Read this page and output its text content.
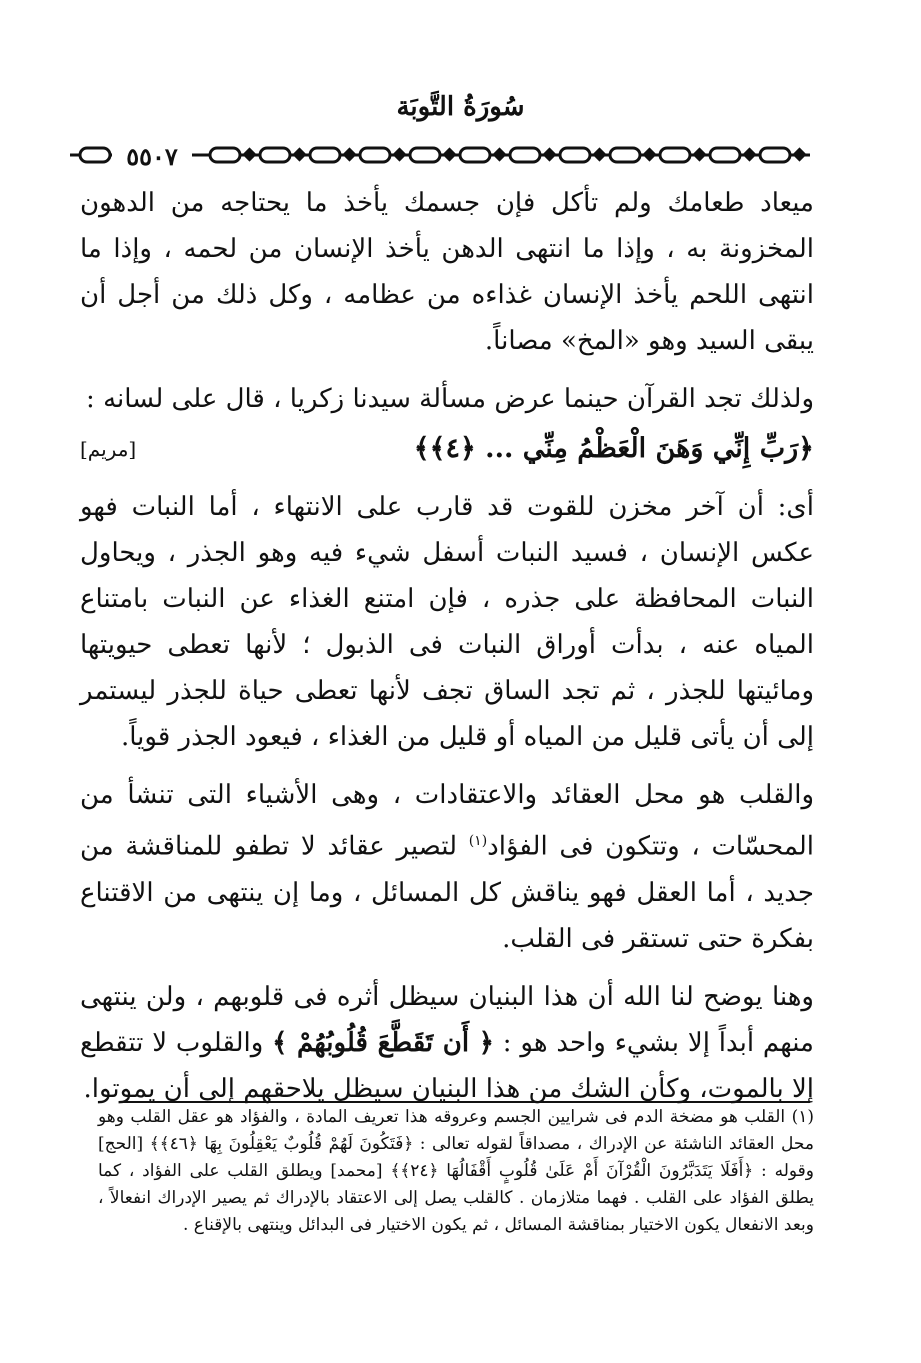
سُورَةُ التَّوبَة
٥٥٠٧

ميعاد طعامك ولم تأكل فإن جسمك يأخذ ما يحتاجه من الدهون المخزونة به ، وإذا ما انتهى الدهن يأخذ الإنسان من لحمه ، وإذا ما انتهى اللحم يأخذ الإنسان غذاءه من عظامه ، وكل ذلك من أجل أن يبقى السيد وهو «المخ» مصاناً.

ولذلك تجد القرآن حينما عرض مسألة سيدنا زكريا ، قال على لسانه :

﴿رَبِّ إِنِّي وَهَنَ الْعَظْمُ مِنِّي ... ﴿٤﴾﴾
[مريم]

أى: أن آخر مخزن للقوت قد قارب على الانتهاء ، أما النبات فهو عكس الإنسان ، فسيد النبات أسفل شيء فيه وهو الجذر ، ويحاول النبات المحافظة على جذره ، فإن امتنع الغذاء عن النبات بامتناع المياه عنه ، بدأت أوراق النبات فى الذبول ؛ لأنها تعطى حيويتها ومائيتها للجذر ، ثم تجد الساق تجف لأنها تعطى حياة للجذر ليستمر إلى أن يأتى قليل من المياه أو قليل من الغذاء ، فيعود الجذر قوياً.

والقلب هو محل العقائد والاعتقادات ، وهى الأشياء التى تنشأ من المحسّات ، وتتكون فى الفؤاد$^{(١)}$ لتصير عقائد لا تطفو للمناقشة من جديد ، أما العقل فهو يناقش كل المسائل ، وما إن ينتهى من الاقتناع بفكرة حتى تستقر فى القلب.

وهنا يوضح لنا الله أن هذا البنيان سيظل أثره فى قلوبهم ، ولن ينتهى منهم أبداً إلا بشيء واحد هو : ﴿ أَن تَقَطَّعَ قُلُوبُهُمْ ﴾ والقلوب لا تتقطع إلا بالموت، وكأن الشك من هذا البنيان سيظل يلاحقهم إلى أن يموتوا.

(١) القلب هو مضخة الدم فى شرايين الجسم وعروقه هذا تعريف المادة ، والفؤاد هو عقل القلب وهو محل العقائد الناشئة عن الإدراك ، مصداقاً لقوله تعالى : ﴿فَتَكُونَ لَهُمْ قُلُوبٌ يَعْقِلُونَ بِهَا ﴿٤٦﴾﴾ [الحج] وقوله : ﴿أَفَلَا يَتَدَبَّرُونَ الْقُرْآنَ أَمْ عَلَىٰ قُلُوبٍ أَقْفَالُهَا ﴿٢٤﴾﴾ [محمد] ويطلق القلب على الفؤاد ، كما يطلق الفؤاد على القلب . فهما متلازمان . كالقلب يصل إلى الاعتقاد بالإدراك ثم يصير الإدراك انفعالاً ، وبعد الانفعال يكون الاختيار بمناقشة المسائل ، ثم يكون الاختيار فى البدائل وينتهى بالإقناع .
